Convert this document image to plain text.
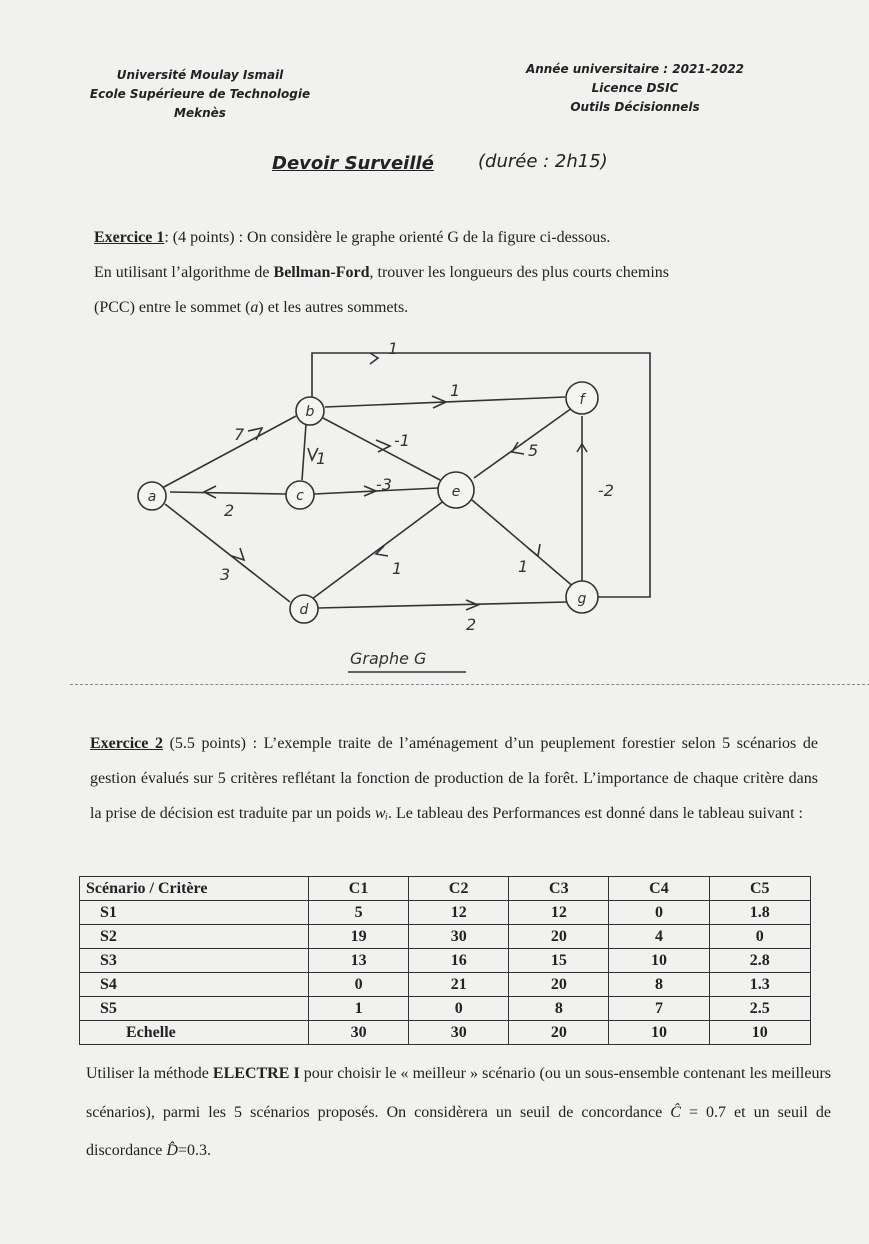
Université Moulay Ismail
Ecole Supérieure de Technologie
Meknès
Année universitaire : 2021-2022
Licence DSIC
Outils Décisionnels
Devoir Surveillé (durée : 2h15)
Exercice 1: (4 points) : On considère le graphe orienté G de la figure ci-dessous.
En utilisant l’algorithme de Bellman-Ford, trouver les longueurs des plus courts chemins
(PCC) entre le sommet (a) et les autres sommets.
a
b
c
d
e
f
g
1
1
-1
-3
5
-2
7
1
2
3	1	1
2
Graphe G
Exercice 2 (5.5 points) : L’exemple traite de l’aménagement d’un peuplement forestier selon 5 scénarios de gestion évalués sur 5 critères reflétant la fonction de production de la forêt. L’importance de chaque critère dans la prise de décision est traduite par un poids wᵢ. Le tableau des Performances est donné dans le tableau suivant :
Scénario / Critère	C1	C2	C3	C4	C5
S1	5	12	12	0	1.8
S2	19	30	20	4	0
S3	13	16	15	10	2.8
S4	0	21	20	8	1.3
S5	1	0	8	7	2.5
Echelle	30	30	20	10	10
Utiliser la méthode ELECTRE I pour choisir le « meilleur » scénario (ou un sous-ensemble contenant les meilleurs scénarios), parmi les 5 scénarios proposés. On considèrera un seuil de concordance Ĉ = 0.7 et un seuil de discordance D̂=0.3.
